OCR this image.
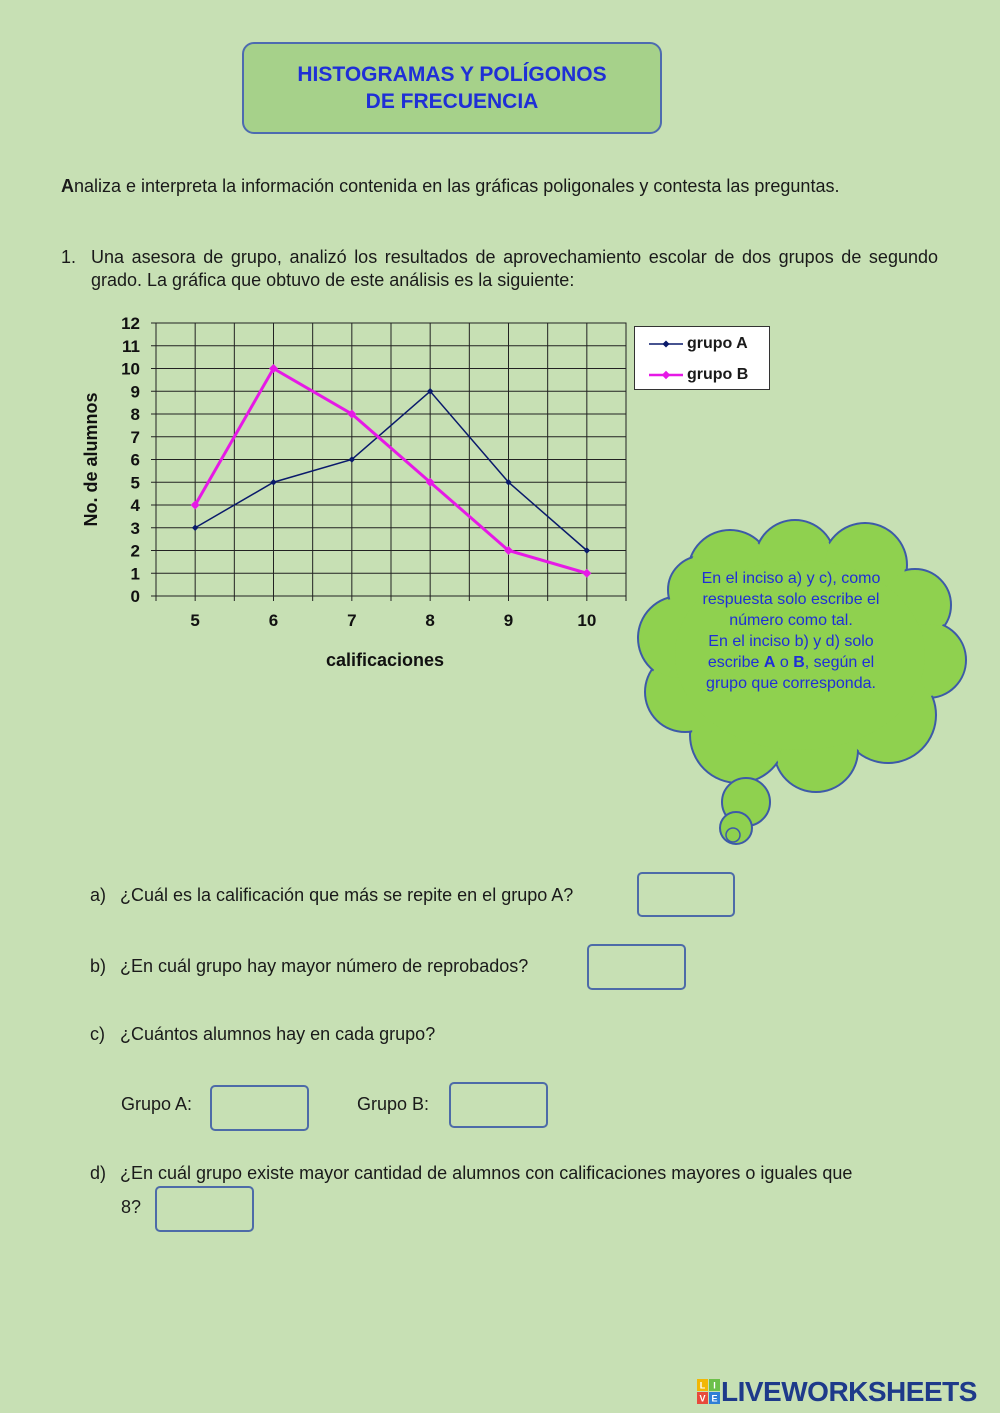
HISTOGRAMAS Y POLÍGONOS
DE FRECUENCIA
Analiza e interpreta la información contenida en las gráficas poligonales y contesta las preguntas.
1. Una asesora de grupo, analizó los resultados de aprovechamiento escolar de dos grupos de segundo grado. La gráfica que obtuvo de este análisis es la siguiente:
0
1
2
3
4
5
6
7
8
9
10
11
12
5	6	7	8	9	10
calificaciones
No. de alumnos
grupo A
grupo B

En el inciso a) y c), como respuesta solo escribe el número como tal.

En el inciso b) y d) solo escribe A o B, según el grupo que corresponda.

a) ¿Cuál es la calificación que más se repite en el grupo A?
b) ¿En cuál grupo hay mayor número de reprobados?
c) ¿Cuántos alumnos hay en cada grupo?
Grupo A:	Grupo B:
d) ¿En cuál grupo existe mayor cantidad de alumnos con calificaciones mayores o iguales que
8?
L I
V E LIVEWORKSHEETS
